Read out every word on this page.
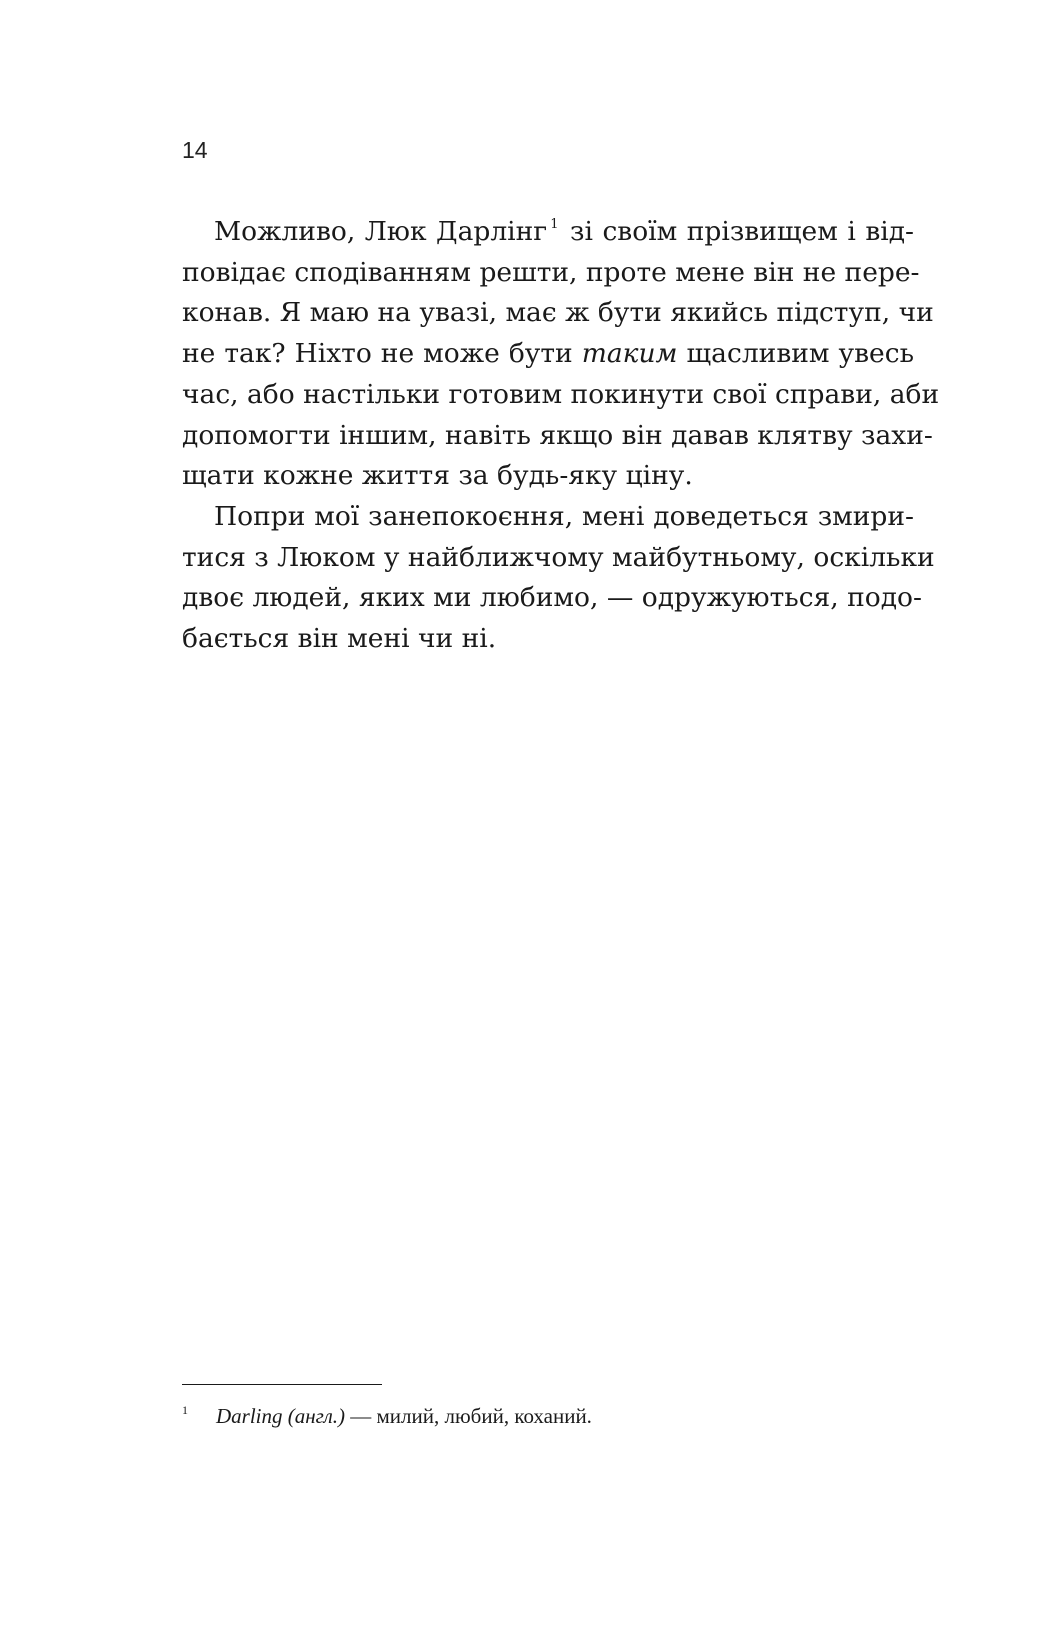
14
Можливо, Люк Дарлінг $^1$ зі своїм прізвищем і від-
повідає сподіванням решти, проте мене він не пере-
конав. Я маю на увазі, має ж бути якийсь підступ, чи
не так? Ніхто не може бути таким щасливим увесь
час, або настільки готовим покинути свої справи, аби
допомогти іншим, навіть якщо він давав клятву захи-
щати кожне життя за будь-яку ціну.
Попри мої занепокоєння, мені доведеться змири-
тися з Люком у найближчому майбутньому, оскільки
двоє людей, яких ми любимо, — одружуються, подо-
бається він мені чи ні.
1 Darling (англ.) — милий, любий, коханий.
